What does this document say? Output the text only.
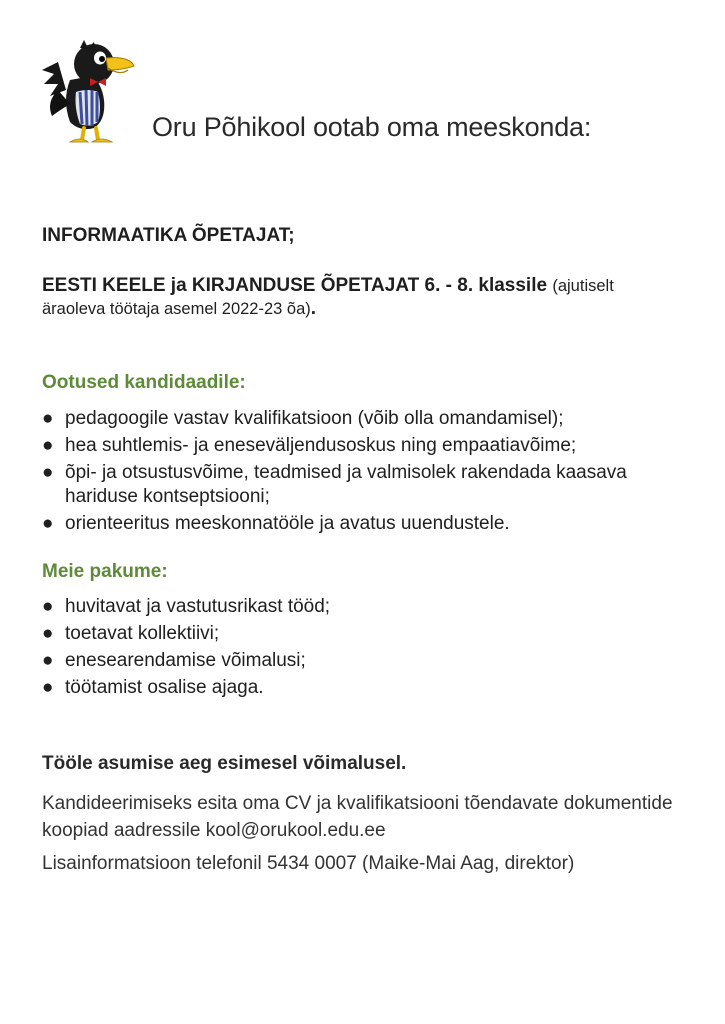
Oru Põhikool ootab oma meeskonda:
INFORMAATIKA ÕPETAJAT;
EESTI KEELE ja KIRJANDUSE ÕPETAJAT 6. - 8. klassile (ajutiselt
äraoleva töötaja asemel 2022-23 õa).
Ootused kandidaadile:
● pedagoogile vastav kvalifikatsioon (võib olla omandamisel);
● hea suhtlemis- ja eneseväljendusoskus ning empaatiavõime;
● õpi- ja otsustusvõime, teadmised ja valmisolek rakendada kaasava hariduse kontseptsiooni;
● orienteeritus meeskonnatööle ja avatus uuendustele.
Meie pakume:
● huvitavat ja vastutusrikast tööd;
● toetavat kollektiivi;
● enesearendamise võimalusi;
● töötamist osalise ajaga.
Tööle asumise aeg esimesel võimalusel.
Kandideerimiseks esita oma CV ja kvalifikatsiooni tõendavate dokumentide koopiad aadressile kool@orukool.edu.ee
Lisainformatsioon telefonil 5434 0007 (Maike-Mai Aag, direktor)
